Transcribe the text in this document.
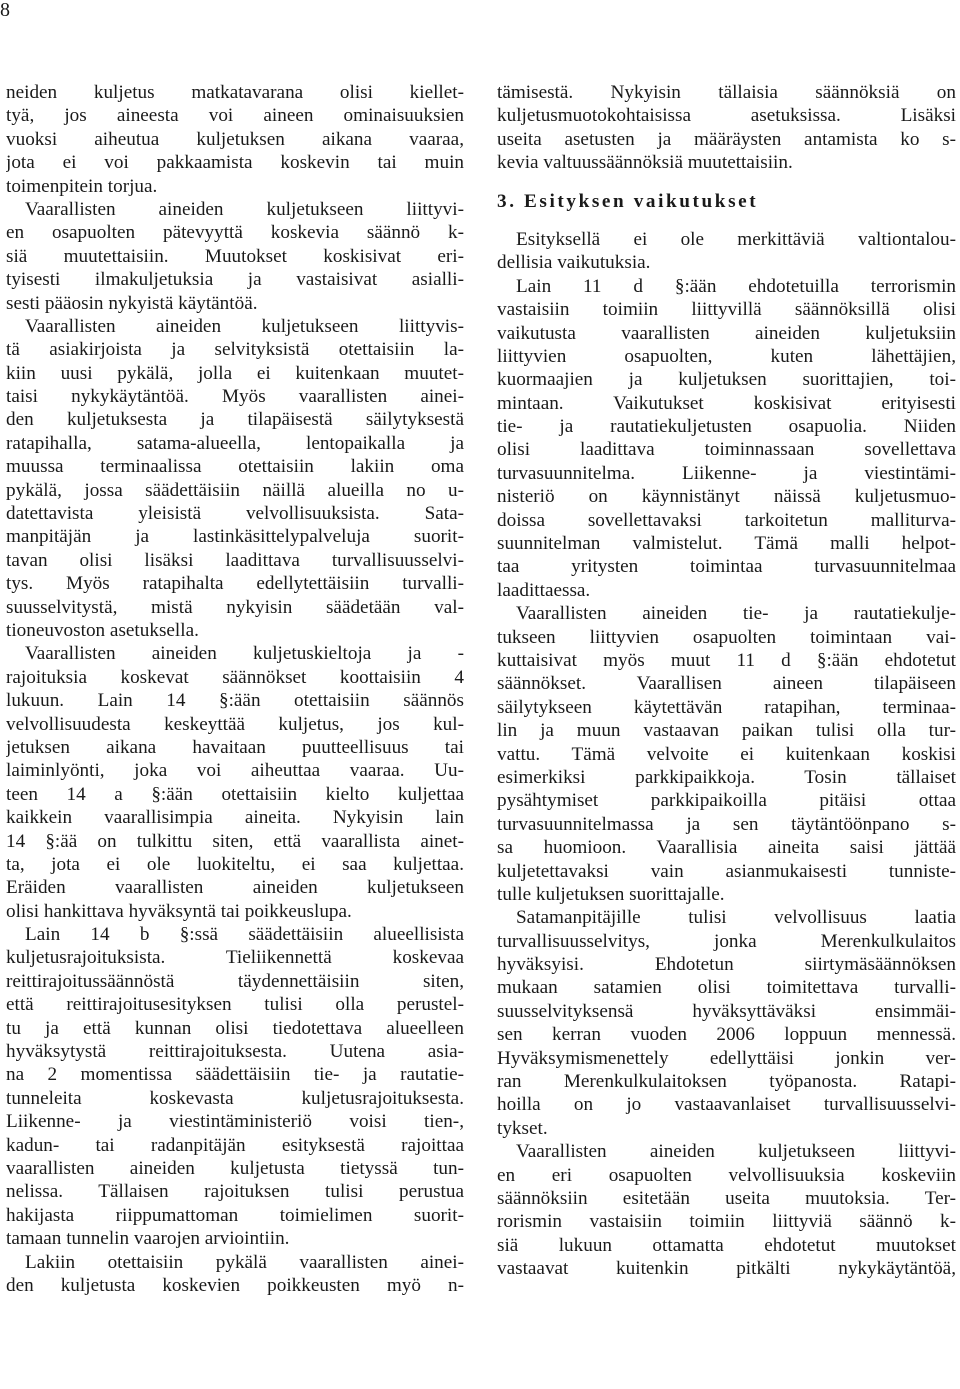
8
neiden kuljetus matkatavarana olisi kiellet-
tyä, jos aineesta voi aineen ominaisuuksien
vuoksi aiheutua kuljetuksen aikana vaaraa,
jota ei voi pakkaamista koskevin tai muin
toimenpitein torjua.
Vaarallisten aineiden kuljetukseen liittyvi-
en osapuolten pätevyyttä koskevia säännö k-
siä muutettaisiin. Muutokset koskisivat eri-
tyisesti ilmakuljetuksia ja vastaisivat asialli-
sesti pääosin nykyistä käytäntöä.
Vaarallisten aineiden kuljetukseen liittyvis-
tä asiakirjoista ja selvityksistä otettaisiin la-
kiin uusi pykälä, jolla ei kuitenkaan muutet-
taisi nykykäytäntöä. Myös vaarallisten ainei-
den kuljetuksesta ja tilapäisestä säilytyksestä
ratapihalla, satama-alueella, lentopaikalla ja
muussa terminaalissa otettaisiin lakiin oma
pykälä, jossa säädettäisiin näillä alueilla no u-
datettavista yleisistä velvollisuuksista. Sata-
manpitäjän ja lastinkäsittelypalveluja suorit-
tavan olisi lisäksi laadittava turvallisuusselvi-
tys. Myös ratapihalta edellytettäisiin turvalli-
suusselvitystä, mistä nykyisin säädetään val-
tioneuvoston asetuksella.
Vaarallisten aineiden kuljetuskieltoja ja -
rajoituksia koskevat säännökset koottaisiin 4
lukuun. Lain 14 §:ään otettaisiin säännös
velvollisuudesta keskeyttää kuljetus, jos kul-
jetuksen aikana havaitaan puutteellisuus tai
laiminlyönti, joka voi aiheuttaa vaaraa. Uu-
teen 14 a §:ään otettaisiin kielto kuljettaa
kaikkein vaarallisimpia aineita. Nykyisin lain
14 §:ää on tulkittu siten, että vaarallista ainet-
ta, jota ei ole luokiteltu, ei saa kuljettaa.
Eräiden vaarallisten aineiden kuljetukseen
olisi hankittava hyväksyntä tai poikkeuslupa.
Lain 14 b §:ssä säädettäisiin alueellisista
kuljetusrajoituksista. Tieliikennettä koskevaa
reittirajoitussäännöstä täydennettäisiin siten,
että reittirajoitusesityksen tulisi olla perustel-
tu ja että kunnan olisi tiedotettava alueelleen
hyväksytystä reittirajoituksesta. Uutena asia-
na 2 momentissa säädettäisiin tie- ja rautatie-
tunneleita koskevasta kuljetusrajoituksesta.
Liikenne- ja viestintäministeriö voisi tien-,
kadun- tai radanpitäjän esityksestä rajoittaa
vaarallisten aineiden kuljetusta tietyssä tun-
nelissa. Tällaisen rajoituksen tulisi perustua
hakijasta riippumattoman toimielimen suorit-
tamaan tunnelin vaarojen arviointiin.
Lakiin otettaisiin pykälä vaarallisten ainei-
den kuljetusta koskevien poikkeusten myö n-
tämisestä. Nykyisin tällaisia säännöksiä on
kuljetusmuotokohtaisissa asetuksissa. Lisäksi
useita asetusten ja määräysten antamista ko s-
kevia valtuussäännöksiä muutettaisiin.
3. Esityksen vaikutukset
Esityksellä ei ole merkittäviä valtiontalou-
dellisia vaikutuksia.
Lain 11 d §:ään ehdotetuilla terrorismin
vastaisiin toimiin liittyvillä säännöksillä olisi
vaikutusta vaarallisten aineiden kuljetuksiin
liittyvien osapuolten, kuten lähettäjien,
kuormaajien ja kuljetuksen suorittajien, toi-
mintaan. Vaikutukset koskisivat erityisesti
tie- ja rautatiekuljetusten osapuolia. Niiden
olisi laadittava toiminnassaan sovellettava
turvasuunnitelma. Liikenne- ja viestintämi-
nisteriö on käynnistänyt näissä kuljetusmuo-
doissa sovellettavaksi tarkoitetun malliturva-
suunnitelman valmistelut. Tämä malli helpot-
taa yritysten toimintaa turvasuunnitelmaa
laadittaessa.
Vaarallisten aineiden tie- ja rautatiekulje-
tukseen liittyvien osapuolten toimintaan vai-
kuttaisivat myös muut 11 d §:ään ehdotetut
säännökset. Vaarallisen aineen tilapäiseen
säilytykseen käytettävän ratapihan, terminaa-
lin ja muun vastaavan paikan tulisi olla tur-
vattu. Tämä velvoite ei kuitenkaan koskisi
esimerkiksi parkkipaikkoja. Tosin tällaiset
pysähtymiset parkkipaikoilla pitäisi ottaa
turvasuunnitelmassa ja sen täytäntöönpano s-
sa huomioon. Vaarallisia aineita saisi jättää
kuljetettavaksi vain asianmukaisesti tunniste-
tulle kuljetuksen suorittajalle.
Satamanpitäjille tulisi velvollisuus laatia
turvallisuusselvitys, jonka Merenkulkulaitos
hyväksyisi. Ehdotetun siirtymäsäännöksen
mukaan satamien olisi toimitettava turvalli-
suusselvityksensä hyväksyttäväksi ensimmäi-
sen kerran vuoden 2006 loppuun mennessä.
Hyväksymismenettely edellyttäisi jonkin ver-
ran Merenkulkulaitoksen työpanosta. Ratapi-
hoilla on jo vastaavanlaiset turvallisuusselvi-
tykset.
Vaarallisten aineiden kuljetukseen liittyvi-
en eri osapuolten velvollisuuksia koskeviin
säännöksiin esitetään useita muutoksia. Ter-
rorismin vastaisiin toimiin liittyviä säännö k-
siä lukuun ottamatta ehdotetut muutokset
vastaavat kuitenkin pitkälti nykykäytäntöä,
